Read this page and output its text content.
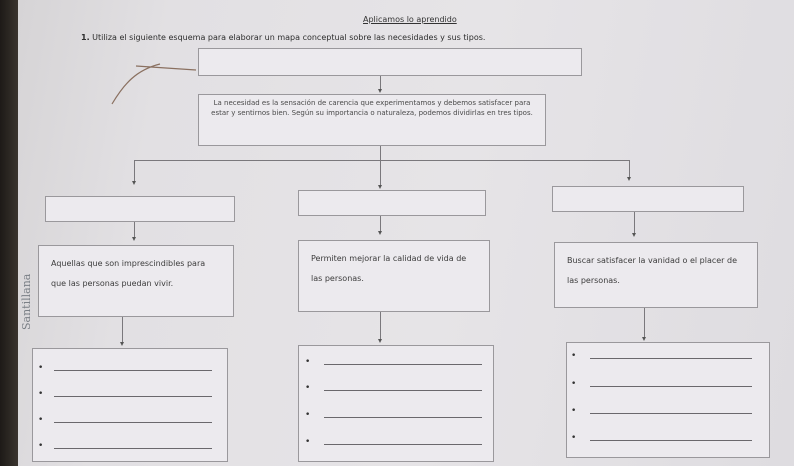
Santillana
Aplicamos lo aprendido
1. Utiliza el siguiente esquema para elaborar un mapa conceptual sobre las necesidades y sus tipos.
La necesidad es la sensación de carencia que experimentamos y debemos satisfacer para estar y sentirnos bien. Según su importancia o naturaleza, podemos dividirlas en tres tipos.
Aquellas que son imprescindibles para que las personas puedan vivir.
Permiten mejorar la calidad de vida de las personas.
Buscar satisfacer la vanidad o el placer de las personas.
•
•
•
•
•
•
•
•
•
•
•
•
